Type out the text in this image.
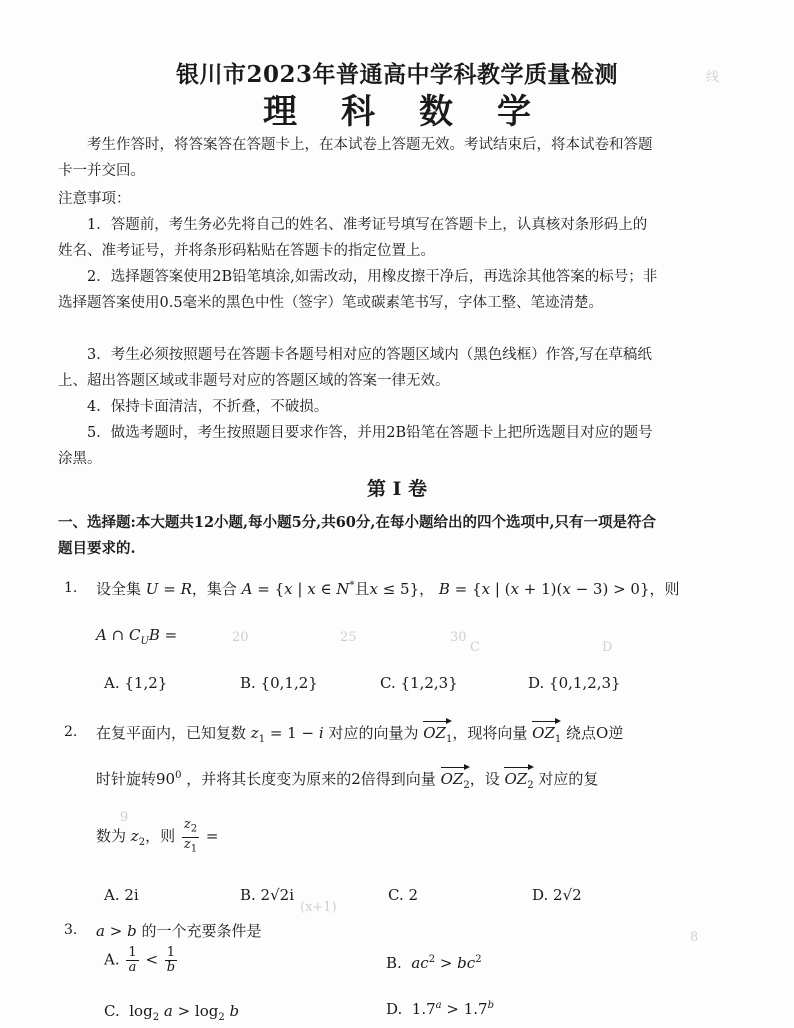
线
C	D
20	25	30
9
(x+1)
8
银川市2023年普通高中学科教学质量检测
理科数学
考生作答时，将答案答在答题卡上，在本试卷上答题无效。考试结束后，将本试卷和答题卡一并交回。
注意事项：
1．答题前，考生务必先将自己的姓名、准考证号填写在答题卡上，认真核对条形码上的姓名、准考证号，并将条形码粘贴在答题卡的指定位置上。
2．选择题答案使用2B铅笔填涂,如需改动，用橡皮擦干净后，再选涂其他答案的标号；非选择题答案使用0.5毫米的黑色中性（签字）笔或碳素笔书写，字体工整、笔迹清楚。
3．考生必须按照题号在答题卡各题号相对应的答题区域内（黑色线框）作答,写在草稿纸上、超出答题区域或非题号对应的答题区域的答案一律无效。
4．保持卡面清洁，不折叠，不破损。
5．做选考题时，考生按照题目要求作答，并用2B铅笔在答题卡上把所选题目对应的题号涂黑。
第 I 卷
一、选择题:本大题共12小题,每小题5分,共60分,在每小题给出的四个选项中,只有一项是符合题目要求的.
1. 设全集 U = R，集合 A = {x | x ∈ N*且x ≤ 5}， B = {x | (x + 1)(x − 3) > 0}，则
A ∩ $C_UB$ =
A. {1,2}	B. {0,1,2}	C. {1,2,3}	D. {0,1,2,3}
2. 在复平面内，已知复数 $z_1 = 1 - i$ 对应的向量为 $OZ_1$，现将向量 $OZ_1$ 绕点O逆
时针旋转$90^0$ ，并将其长度变为原来的2倍得到向量 $OZ_2$，设 $OZ_2$ 对应的复
数为 $z_2$，则 $\frac{z_2}{z_1}$ =
A. 2i	B. 2√2i	C. 2	D. 2√2
3. a > b 的一个充要条件是
A. $\frac{1}{a} < \frac{1}{b}$	B. $ac^2 > bc^2$
C.  $\log_2 a > \log_2 b$	D.  1.7$^a$ > 1.7$^b$
